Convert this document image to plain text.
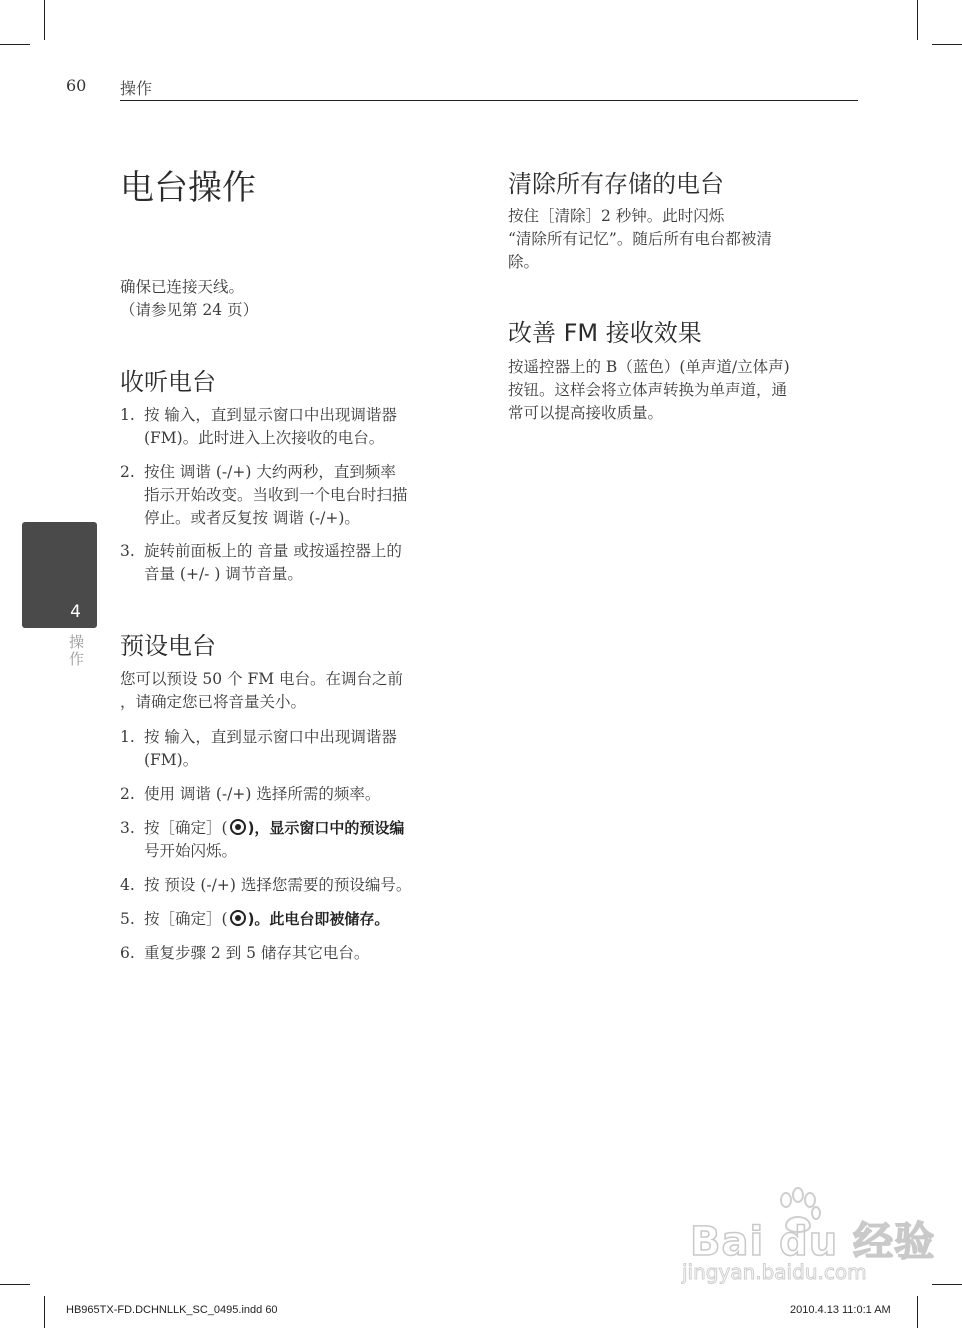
60 操作
4
操作
电台操作
确保已连接天线。
（请参见第 24 页）
收听电台
1. 按 输入，直到显示窗口中出现调谐器
(FM)。此时进入上次接收的电台。
2. 按住 调谐 (-/+) 大约两秒，直到频率
指示开始改变。当收到一个电台时扫描
停止。或者反复按 调谐 (-/+)。
3. 旋转前面板上的 音量 或按遥控器上的
音量 (+/- ) 调节音量。
预设电台
您可以预设 50 个 FM 电台。在调台之前
，请确定您已将音量关小。
1. 按 输入，直到显示窗口中出现调谐器
(FM)。
2. 使用 调谐 (-/+) 选择所需的频率。
3. 按［确定］( )，显示窗口中的预设编
号开始闪烁。
4. 按 预设 (-/+) 选择您需要的预设编号。
5. 按［确定］( )。此电台即被储存。
6. 重复步骤 2 到 5 储存其它电台。
清除所有存储的电台
按住［清除］2 秒钟。此时闪烁
“清除所有记忆”。随后所有电台都被清
除。
改善 FM 接收效果
按遥控器上的 B（蓝色）(单声道/立体声)
按钮。这样会将立体声转换为单声道，通
常可以提高接收质量。
Bai du 经验
jingyan.baidu.com
HB965TX-FD.DCHNLLK_SC_0495.indd 60	2010.4.13 11:0:1 AM
